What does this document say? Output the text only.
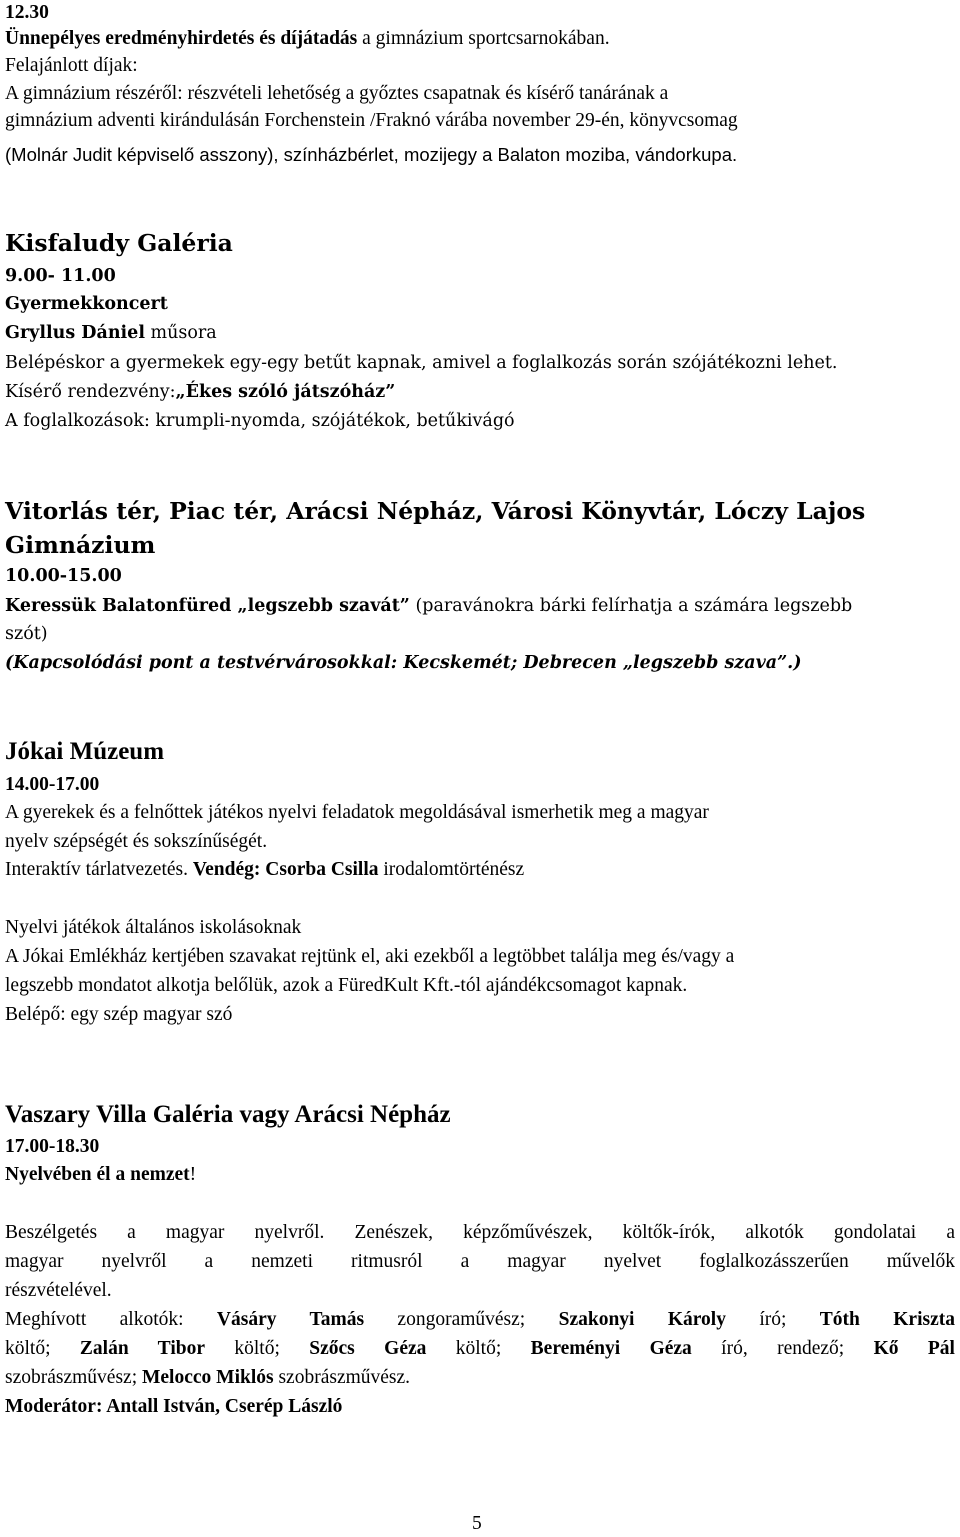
12.30
Ünnepélyes eredményhirdetés és díjátadás a gimnázium sportcsarnokában.
Felajánlott díjak:
A gimnázium részéről: részvételi lehetőség a győztes csapatnak és kísérő tanárának a
gimnázium adventi kirándulásán Forchenstein /Fraknó várába november 29-én, könyvcsomag
(Molnár Judit képviselő asszony), színházbérlet, mozijegy a Balaton moziba, vándorkupa.
Kisfaludy Galéria
9.00- 11.00
Gyermekkoncert
Gryllus Dániel műsora
Belépéskor a gyermekek egy-egy betűt kapnak, amivel a foglalkozás során szójátékozni lehet.
Kísérő rendezvény:„Ékes szóló játszóház”
A foglalkozások: krumpli-nyomda, szójátékok, betűkivágó
Vitorlás tér, Piac tér, Arácsi Népház, Városi Könyvtár, Lóczy Lajos
Gimnázium
10.00-15.00
Keressük Balatonfüred „legszebb szavát” (paravánokra bárki felírhatja a számára legszebb
szót)
(Kapcsolódási pont a testvérvárosokkal: Kecskemét; Debrecen „legszebb szava”.)
Jókai Múzeum
14.00-17.00
A gyerekek és a felnőttek játékos nyelvi feladatok megoldásával ismerhetik meg a magyar
nyelv szépségét és sokszínűségét.
Interaktív tárlatvezetés. Vendég: Csorba Csilla irodalomtörténész
Nyelvi játékok általános iskolásoknak
A Jókai Emlékház kertjében szavakat rejtünk el, aki ezekből a legtöbbet találja meg és/vagy a
legszebb mondatot alkotja belőlük, azok a FüredKult Kft.-tól ajándékcsomagot kapnak.
Belépő: egy szép magyar szó
Vaszary Villa Galéria vagy Arácsi Népház
17.00-18.30
Nyelvében él a nemzet!
Beszélgetés a magyar nyelvről. Zenészek, képzőművészek, költők-írók, alkotók gondolatai a
magyar nyelvről a nemzeti ritmusról a magyar nyelvet foglalkozásszerűen művelők
részvételével.
Meghívott alkotók: Vásáry Tamás zongoraművész; Szakonyi Károly író; Tóth Kriszta
költő; Zalán Tibor költő; Szőcs Géza költő; Bereményi Géza író, rendező; Kő Pál
szobrászművész; Melocco Miklós szobrászművész.
Moderátor: Antall István, Cserép László
5
